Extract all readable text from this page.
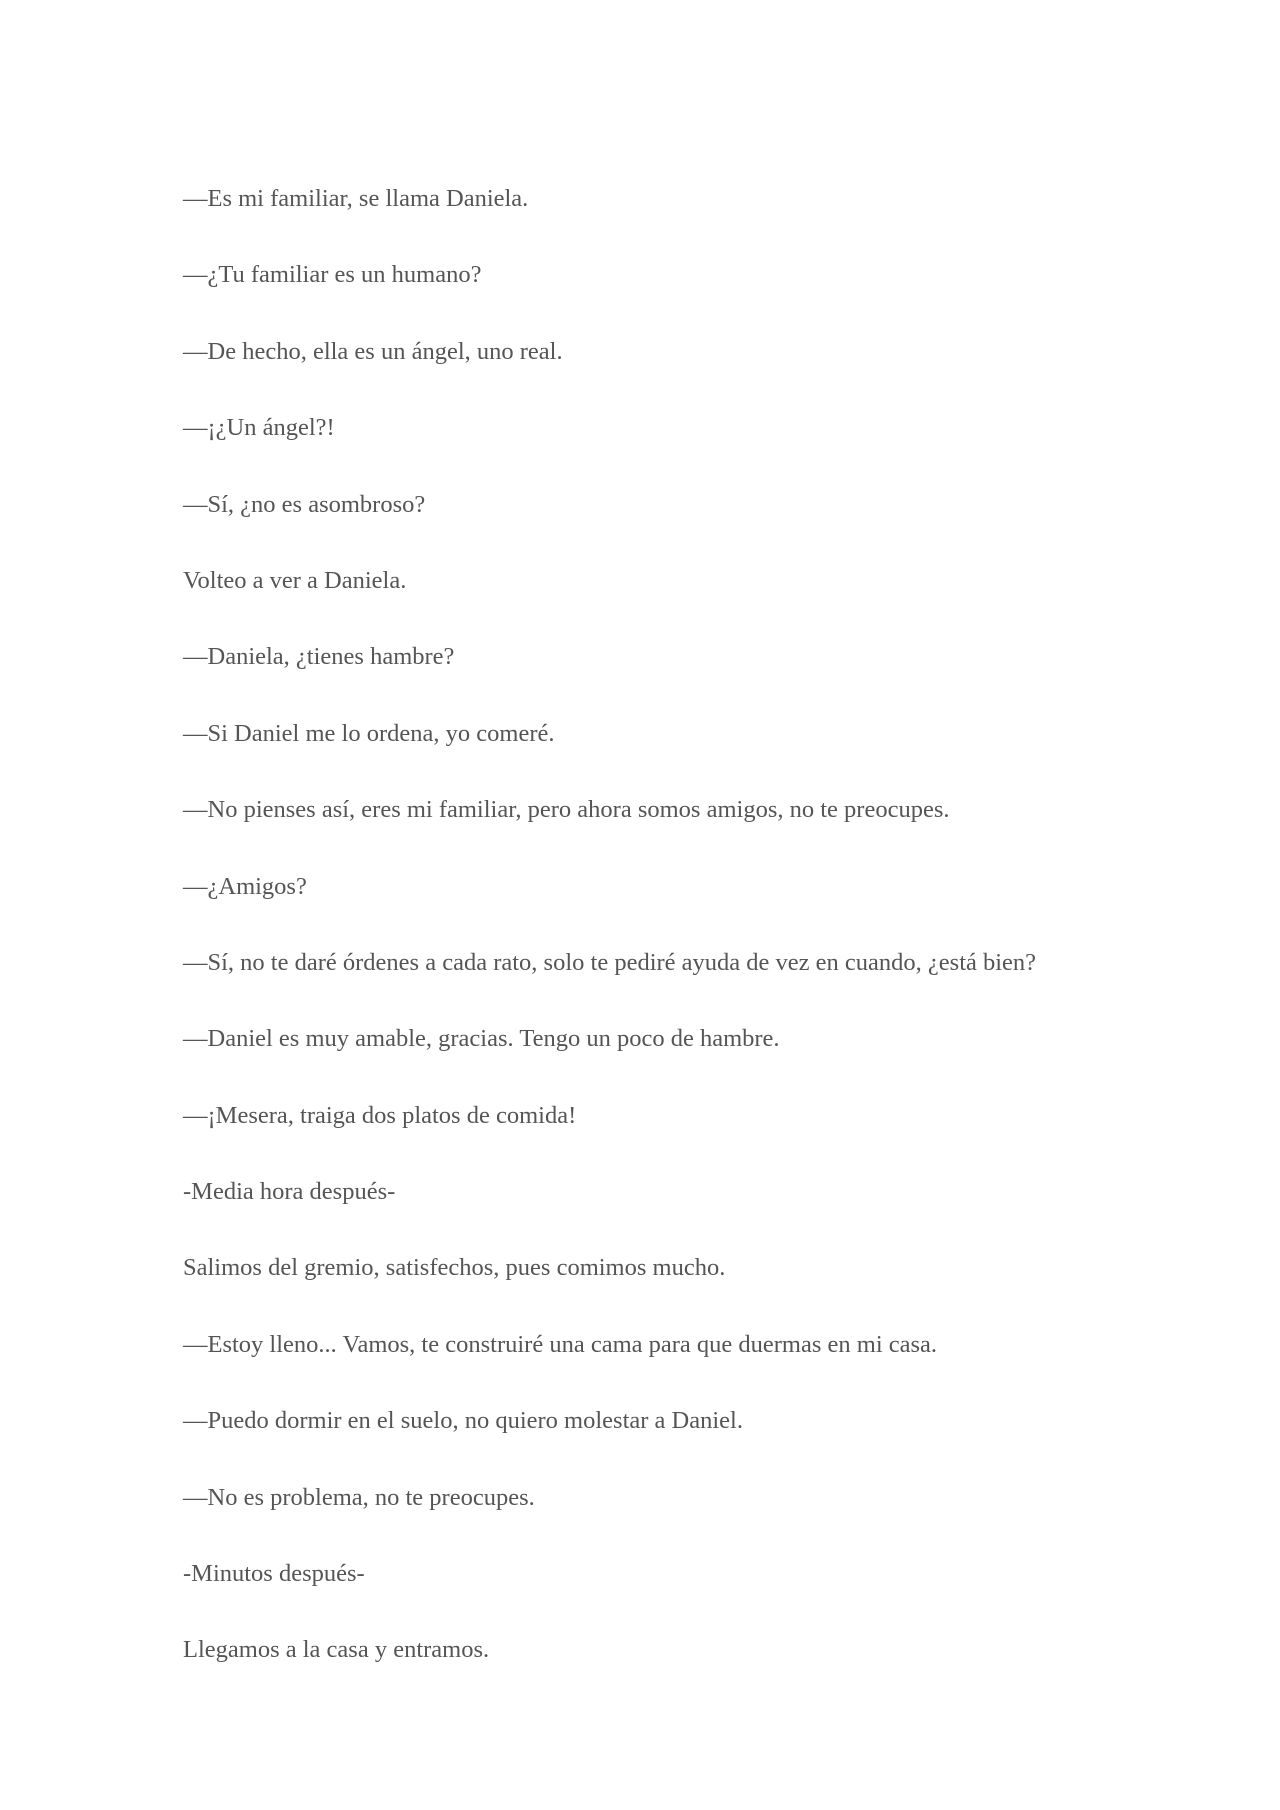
—Es mi familiar, se llama Daniela.

—¿Tu familiar es un humano?

—De hecho, ella es un ángel, uno real.

—¡¿Un ángel?!

—Sí, ¿no es asombroso?

Volteo a ver a Daniela.

—Daniela, ¿tienes hambre?

—Si Daniel me lo ordena, yo comeré.

—No pienses así, eres mi familiar, pero ahora somos amigos, no te preocupes.

—¿Amigos?

—Sí, no te daré órdenes a cada rato, solo te pediré ayuda de vez en cuando, ¿está bien?

—Daniel es muy amable, gracias. Tengo un poco de hambre.

—¡Mesera, traiga dos platos de comida!

-Media hora después-

Salimos del gremio, satisfechos, pues comimos mucho.

—Estoy lleno... Vamos, te construiré una cama para que duermas en mi casa.

—Puedo dormir en el suelo, no quiero molestar a Daniel.

—No es problema, no te preocupes.

-Minutos después-

Llegamos a la casa y entramos.
